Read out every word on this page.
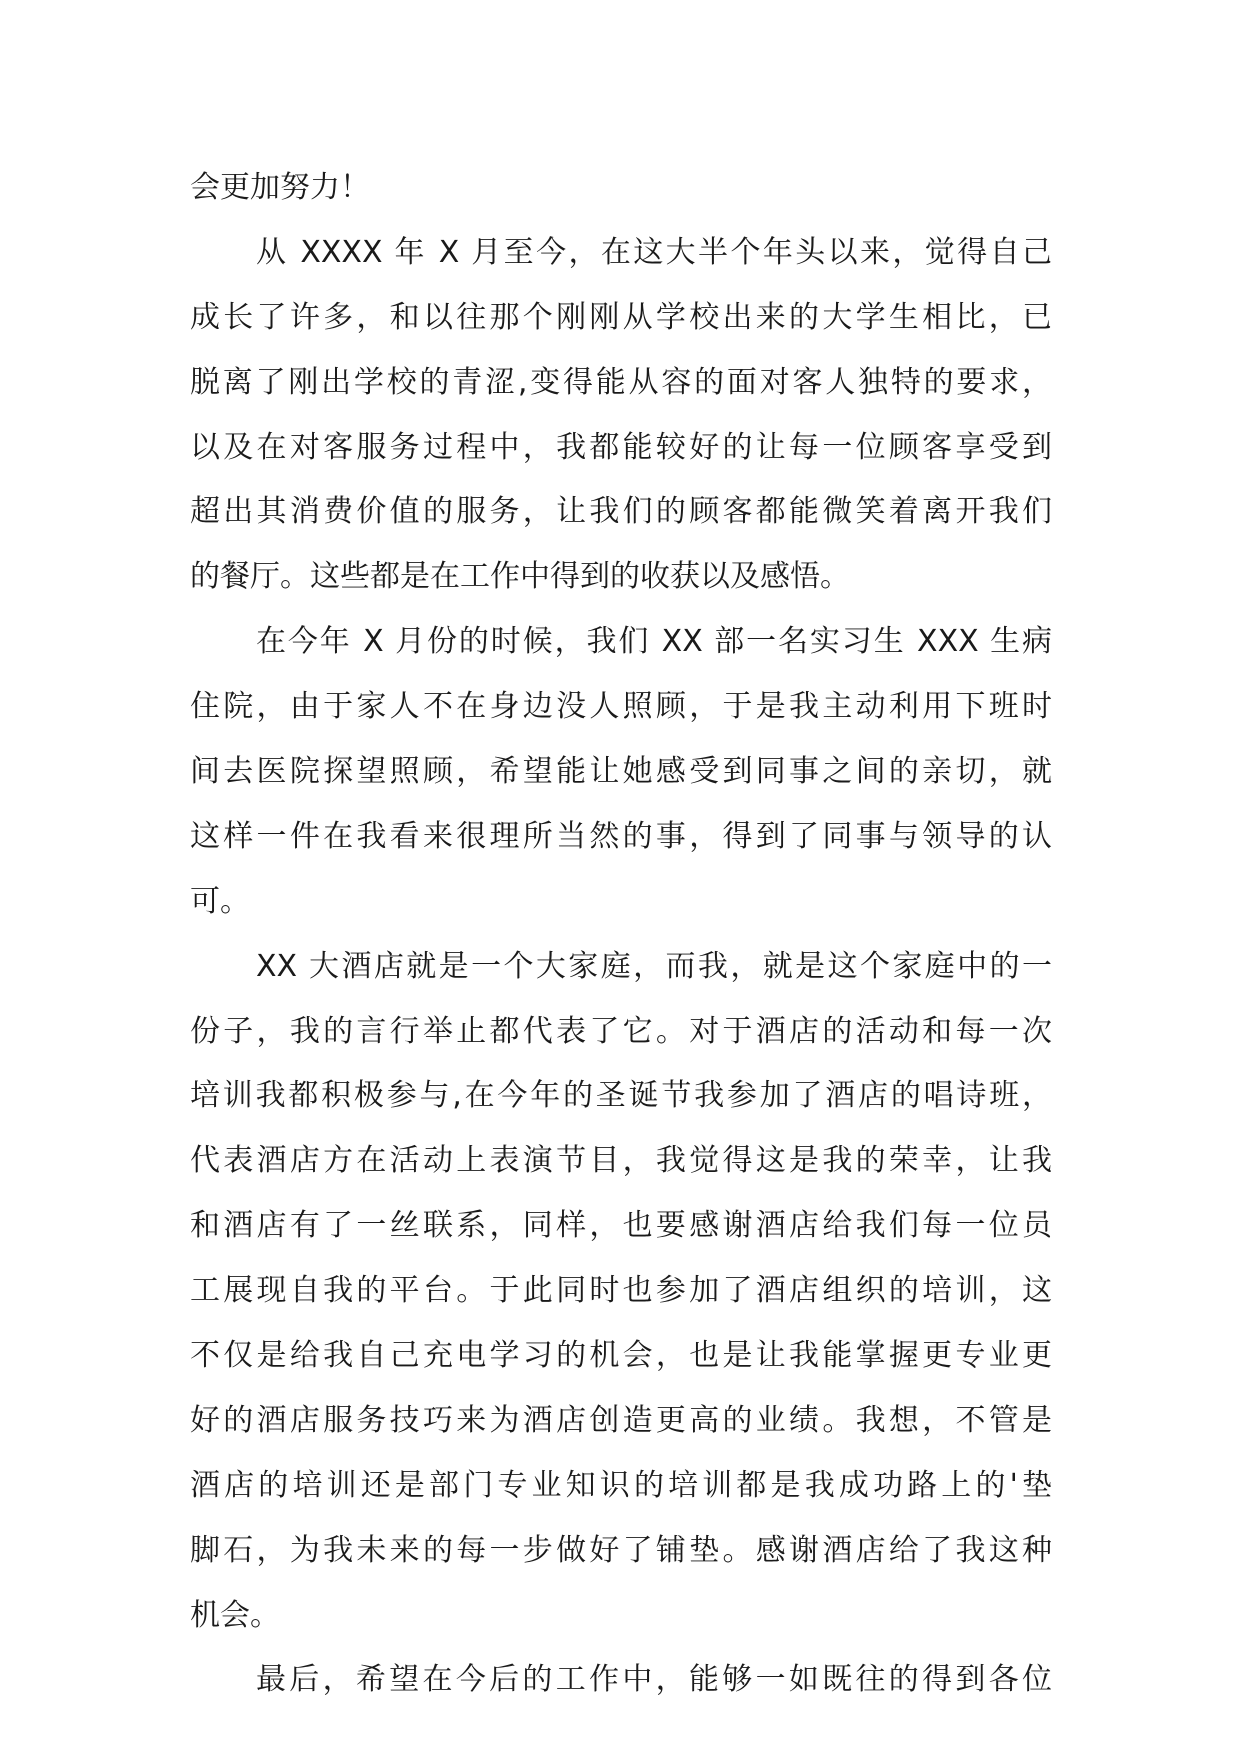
会更加努力！
从 XXXX 年 X 月至今，在这大半个年头以来，觉得自己
成长了许多，和以往那个刚刚从学校出来的大学生相比，已
脱离了刚出学校的青涩,变得能从容的面对客人独特的要求，
以及在对客服务过程中，我都能较好的让每一位顾客享受到
超出其消费价值的服务，让我们的顾客都能微笑着离开我们
的餐厅。这些都是在工作中得到的收获以及感悟。
在今年 X 月份的时候，我们 XX 部一名实习生 XXX 生病
住院，由于家人不在身边没人照顾，于是我主动利用下班时
间去医院探望照顾，希望能让她感受到同事之间的亲切，就
这样一件在我看来很理所当然的事，得到了同事与领导的认
可。
XX 大酒店就是一个大家庭，而我，就是这个家庭中的一
份子，我的言行举止都代表了它。对于酒店的活动和每一次
培训我都积极参与,在今年的圣诞节我参加了酒店的唱诗班，
代表酒店方在活动上表演节目，我觉得这是我的荣幸，让我
和酒店有了一丝联系，同样，也要感谢酒店给我们每一位员
工展现自我的平台。于此同时也参加了酒店组织的培训，这
不仅是给我自己充电学习的机会，也是让我能掌握更专业更
好的酒店服务技巧来为酒店创造更高的业绩。我想，不管是
酒店的培训还是部门专业知识的培训都是我成功路上的'垫
脚石，为我未来的每一步做好了铺垫。感谢酒店给了我这种
机会。
最后，希望在今后的工作中，能够一如既往的得到各位
